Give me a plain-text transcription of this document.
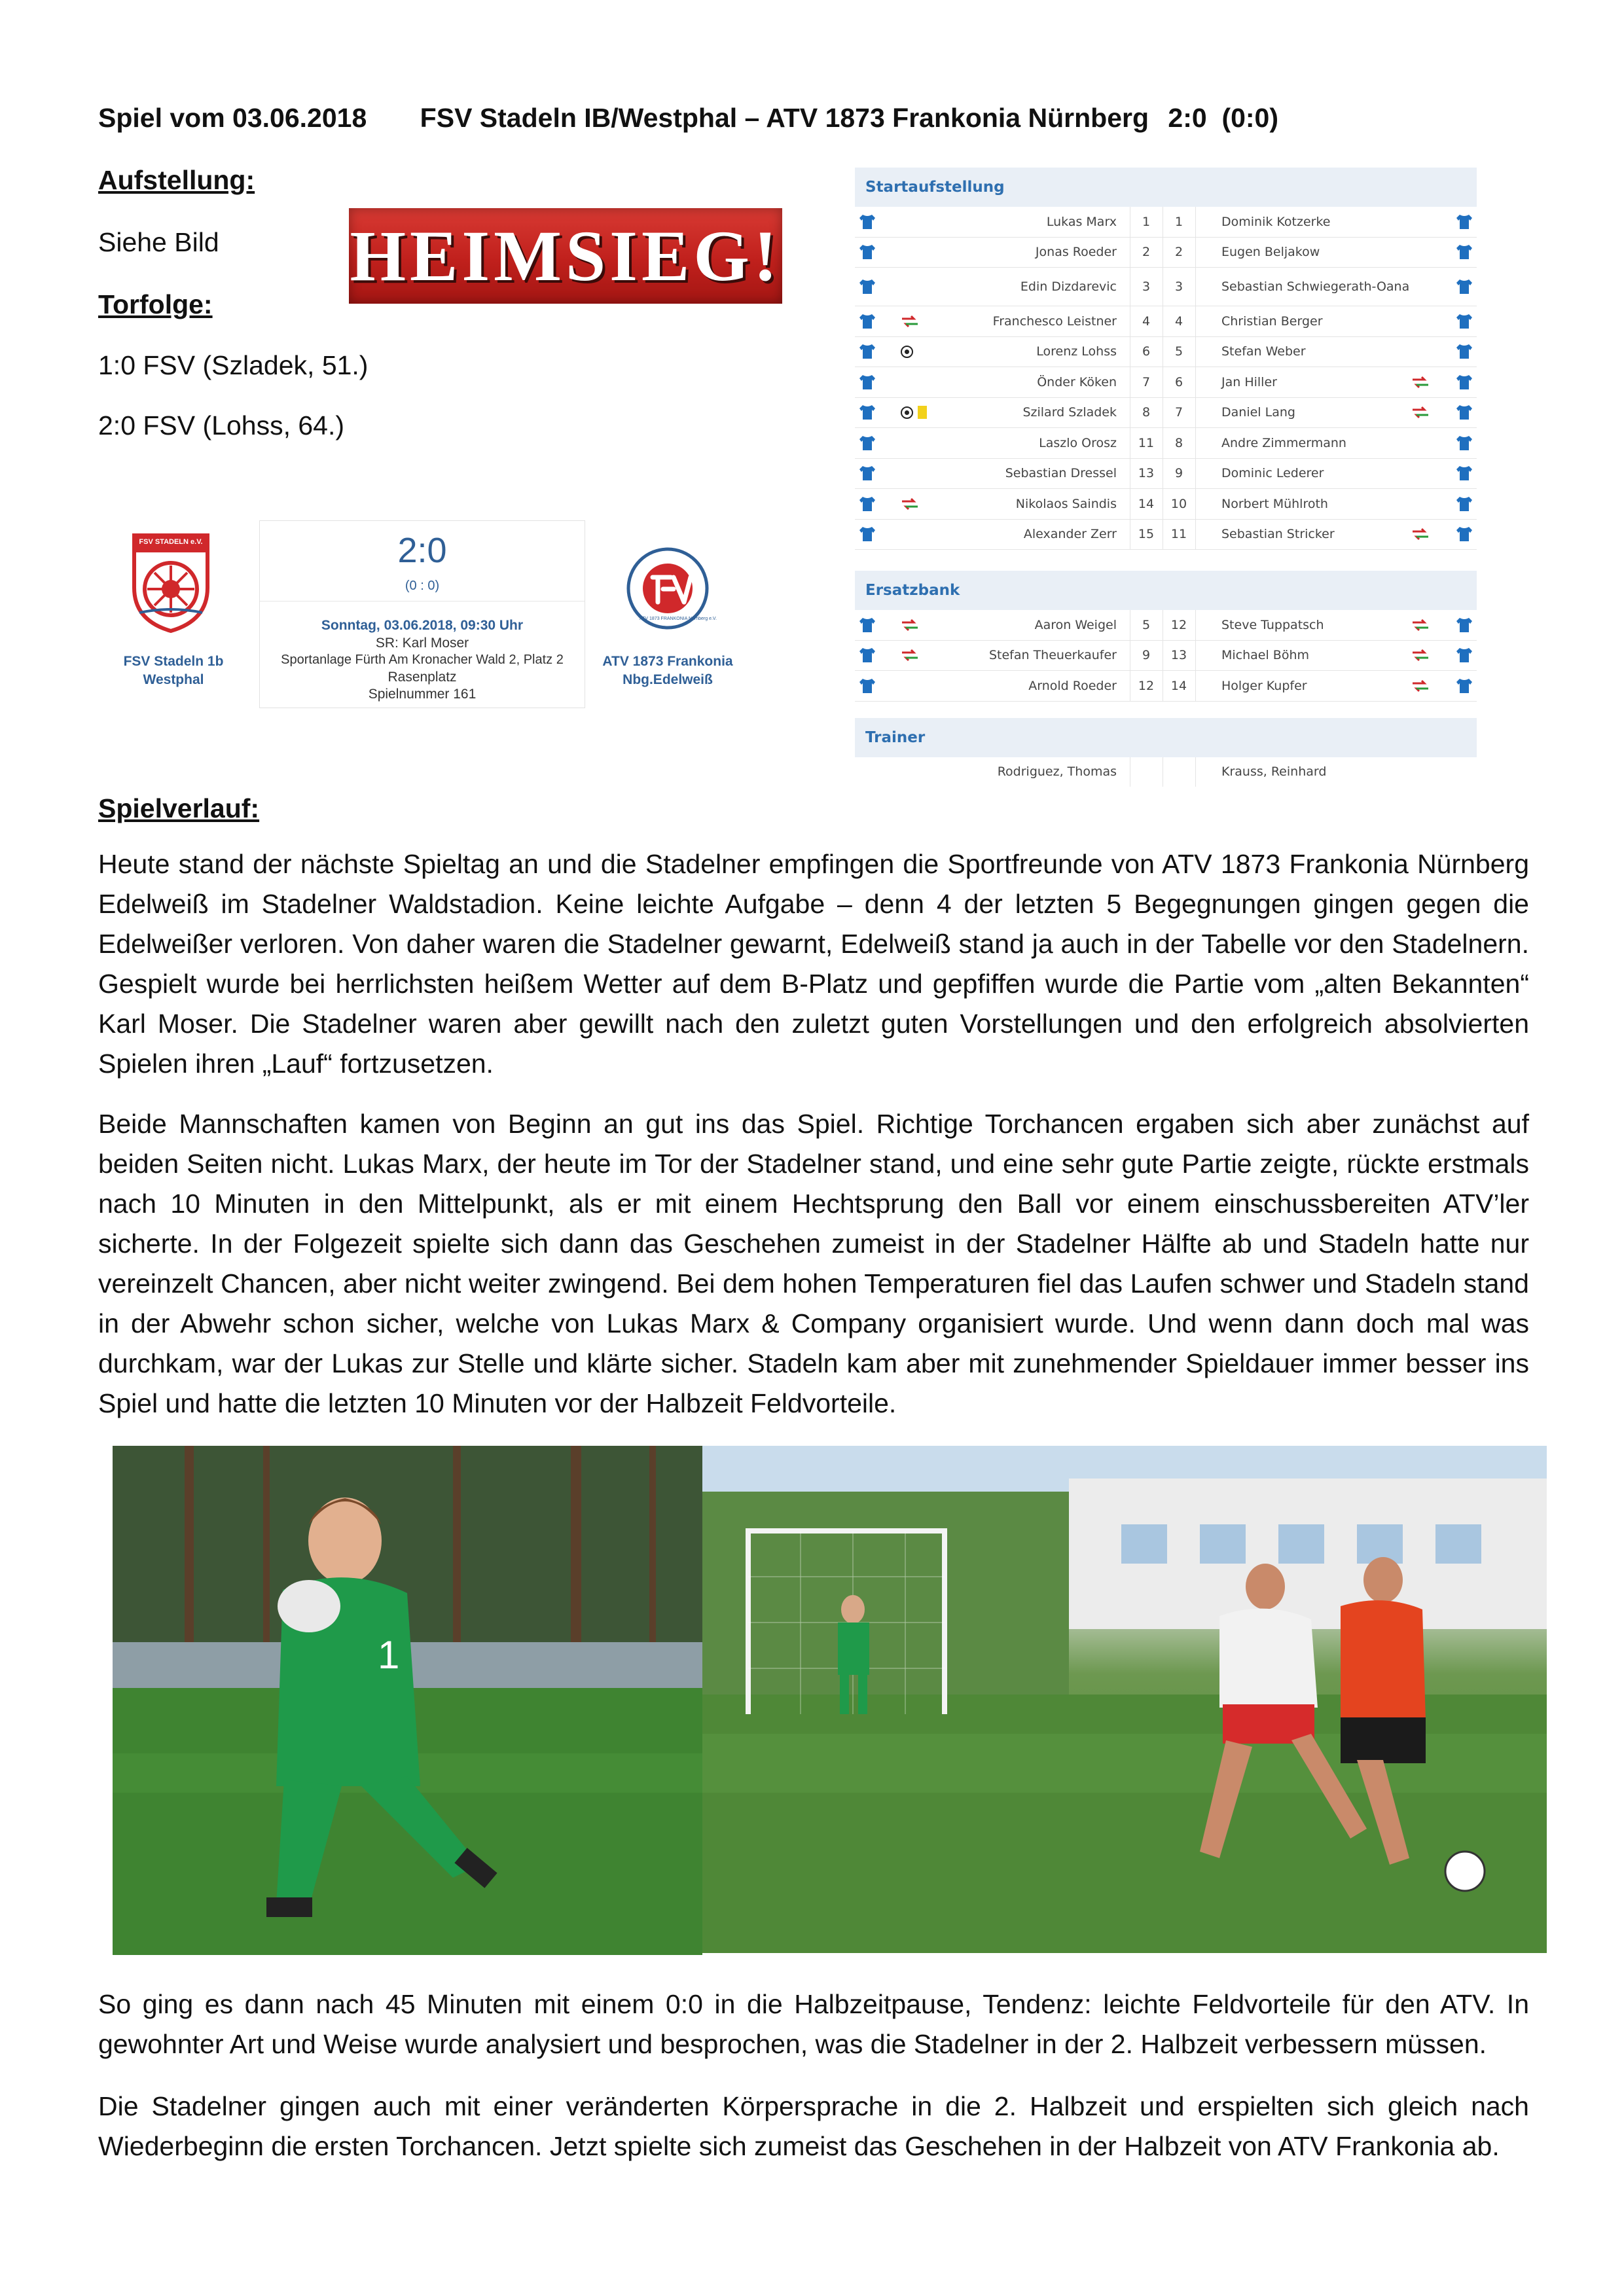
Spiel vom 03.06.2018 FSV Stadeln IB/Westphal – ATV 1873 Frankonia Nürnberg 2:0  (0:0)
Aufstellung:
Siehe Bild HEIMSIEG!
Torfolge:
1:0 FSV (Szladek, 51.)
2:0 FSV (Lohss, 64.)
FSV STADELN e.V.
FSV Stadeln 1b
Westphal
2:0
(0 : 0)
Sonntag, 03.06.2018, 09:30 Uhr
SR: Karl Moser
Sportanlage Fürth Am Kronacher Wald 2, Platz 2
Rasenplatz
Spielnummer 161
ATV 1873 FRANKONIA Nürnberg e.V.
ATV 1873 Frankonia
Nbg.Edelweiß
Startaufstellung
Lukas Marx	1	1	Dominik Kotzerke
Jonas Roeder	2	2	Eugen Beljakow
Edin Dizdarevic	3	3	Sebastian Schwiegerath-Oana
Franchesco Leistner	4	4	Christian Berger
Lorenz Lohss	6	5	Stefan Weber
Önder Köken	7	6	Jan Hiller
Szilard Szladek	8	7	Daniel Lang
Laszlo Orosz	11	8	Andre Zimmermann
Sebastian Dressel	13	9	Dominic Lederer
Nikolaos Saindis	14	10	Norbert Mühlroth
Alexander Zerr	15	11	Sebastian Stricker
Ersatzbank
Aaron Weigel	5	12	Steve Tuppatsch
Stefan Theuerkaufer	9	13	Michael Böhm
Arnold Roeder	12	14	Holger Kupfer
Trainer
Rodriguez, Thomas	Krauss, Reinhard
Spielverlauf:

Heute stand der nächste Spieltag an und die Stadelner empfingen die Sportfreunde von ATV 1873 Frankonia Nürnberg Edelweiß im Stadelner Waldstadion. Keine leichte Aufgabe – denn 4 der letzten 5 Begegnungen gingen gegen die Edelweißer verloren. Von daher waren die Stadelner gewarnt, Edelweiß stand ja auch in der Tabelle vor den Stadelnern. Gespielt wurde bei herrlichsten heißem Wetter auf dem B-Platz und gepfiffen wurde die Partie vom „alten Bekannten“ Karl Moser. Die Stadelner waren aber gewillt nach den zuletzt guten Vorstellungen und den erfolgreich absolvierten Spielen ihren „Lauf“ fortzusetzen.

Beide Mannschaften kamen von Beginn an gut ins das Spiel. Richtige Torchancen ergaben sich aber zunächst auf beiden Seiten nicht. Lukas Marx, der heute im Tor der Stadelner stand, und eine sehr gute Partie zeigte, rückte erstmals nach 10 Minuten in den Mittelpunkt, als er mit einem Hechtsprung den Ball vor einem einschussbereiten ATV’ler sicherte. In der Folgezeit spielte sich dann das Geschehen zumeist in der Stadelner Hälfte ab und Stadeln hatte nur vereinzelt Chancen, aber nicht weiter zwingend. Bei dem hohen Temperaturen fiel das Laufen schwer und Stadeln stand in der Abwehr schon sicher, welche von Lukas Marx & Company organisiert wurde. Und wenn dann doch mal was durchkam, war der Lukas zur Stelle und klärte sicher. Stadeln kam aber mit zunehmender Spieldauer immer besser ins Spiel und hatte die letzten 10 Minuten vor der Halbzeit Feldvorteile.

1

So ging es dann nach 45 Minuten mit einem 0:0 in die Halbzeitpause, Tendenz: leichte Feldvorteile für den ATV. In gewohnter Art und Weise wurde analysiert und besprochen, was die Stadelner in der 2. Halbzeit verbessern müssen.

Die Stadelner gingen auch mit einer veränderten Körpersprache in die 2. Halbzeit und erspielten sich gleich nach Wiederbeginn die ersten Torchancen. Jetzt spielte sich zumeist das Geschehen in der Halbzeit von ATV Frankonia ab.
